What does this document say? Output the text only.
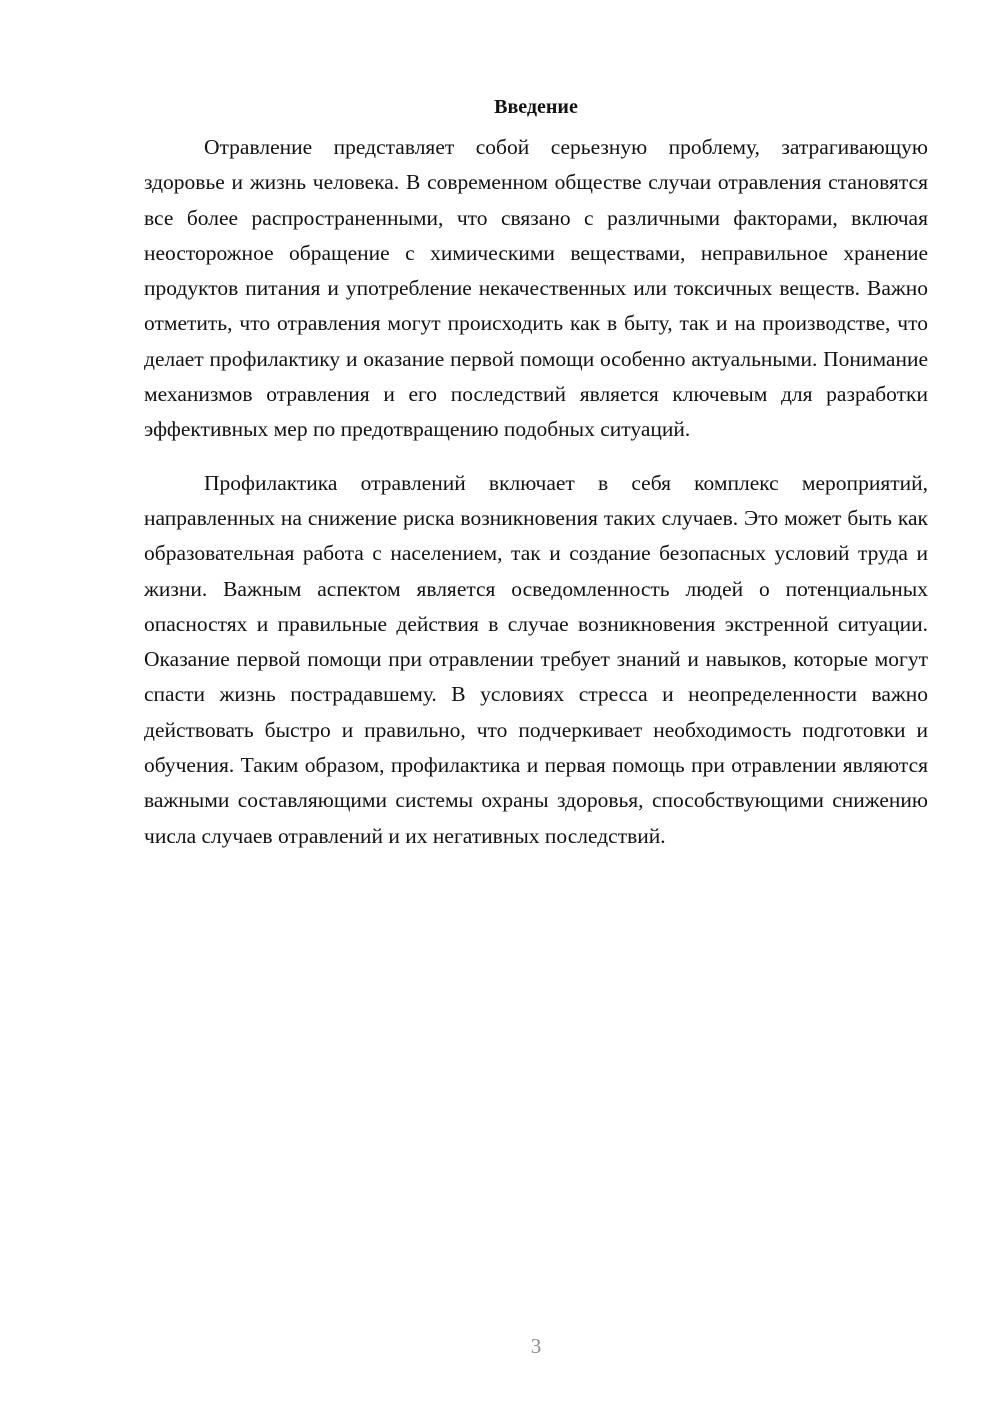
Введение

Отравление представляет собой серьезную проблему, затрагивающую здоровье и жизнь человека. В современном обществе случаи отравления становятся все более распространенными, что связано с различными факторами, включая неосторожное обращение с химическими веществами, неправильное хранение продуктов питания и употребление некачественных или токсичных веществ. Важно отметить, что отравления могут происходить как в быту, так и на производстве, что делает профилактику и оказание первой помощи особенно актуальными. Понимание механизмов отравления и его последствий является ключевым для разработки эффективных мер по предотвращению подобных ситуаций.

Профилактика отравлений включает в себя комплекс мероприятий, направленных на снижение риска возникновения таких случаев. Это может быть как образовательная работа с населением, так и создание безопасных условий труда и жизни. Важным аспектом является осведомленность людей о потенциальных опасностях и правильные действия в случае возникновения экстренной ситуации. Оказание первой помощи при отравлении требует знаний и навыков, которые могут спасти жизнь пострадавшему. В условиях стресса и неопределенности важно действовать быстро и правильно, что подчеркивает необходимость подготовки и обучения. Таким образом, профилактика и первая помощь при отравлении являются важными составляющими системы охраны здоровья, способствующими снижению числа случаев отравлений и их негативных последствий.

3
